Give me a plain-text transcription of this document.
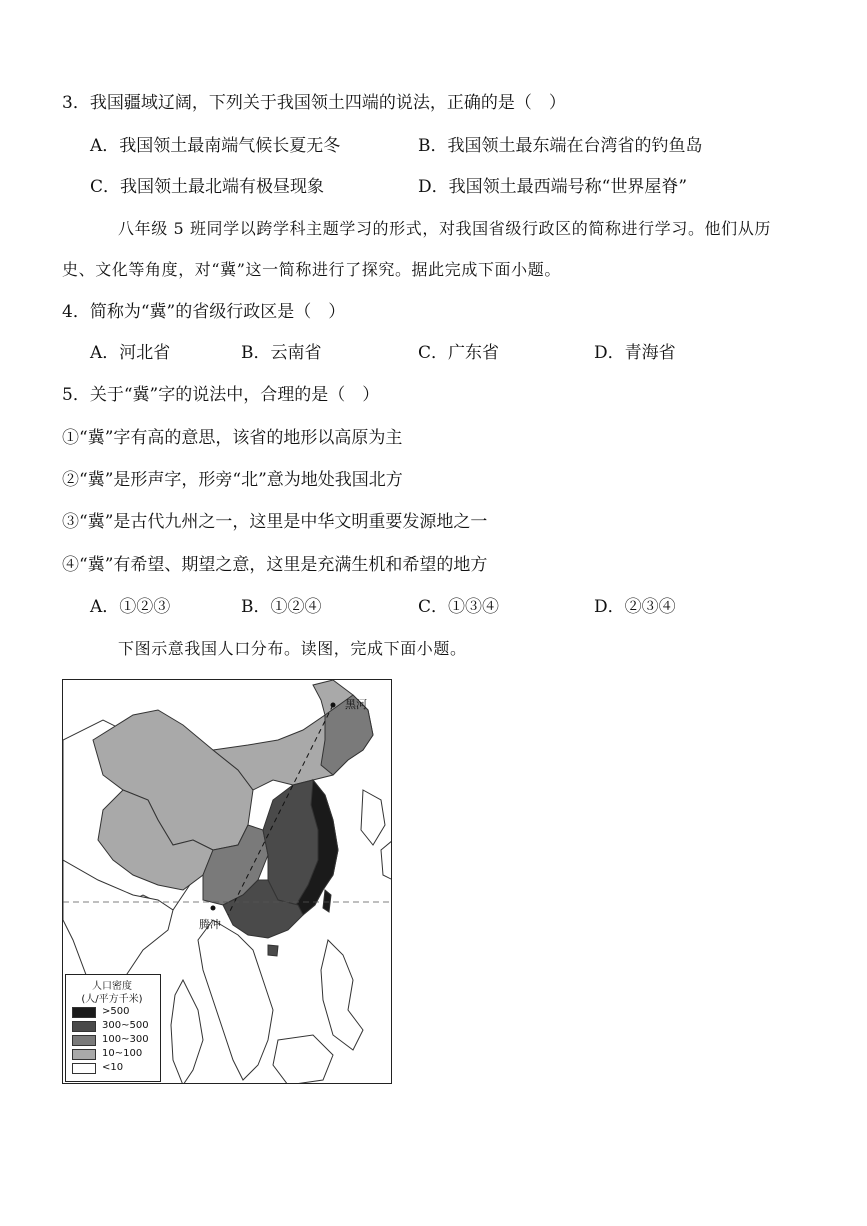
3．我国疆域辽阔，下列关于我国领土四端的说法，正确的是（　）
A．我国领土最南端气候长夏无冬	B．我国领土最东端在台湾省的钓鱼岛
C．我国领土最北端有极昼现象	D．我国领土最西端号称“世界屋脊”
八年级 5 班同学以跨学科主题学习的形式，对我国省级行政区的简称进行学习。他们从历
史、文化等角度，对“冀”这一简称进行了探究。据此完成下面小题。
4．简称为“冀”的省级行政区是（　）
A．河北省	B．云南省	C．广东省	D．青海省
5．关于“冀”字的说法中，合理的是（　）
①“冀”字有高的意思，该省的地形以高原为主
②“冀”是形声字，形旁“北”意为地处我国北方
③“冀”是古代九州之一，这里是中华文明重要发源地之一
④“冀”有希望、期望之意，这里是充满生机和希望的地方
A．①②③	B．①②④	C．①③④	D．②③④
下图示意我国人口分布。读图，完成下面小题。
黑河
腾冲
人口密度
(人/平方千米)
>500
300~500
100~300
10~100
<10
